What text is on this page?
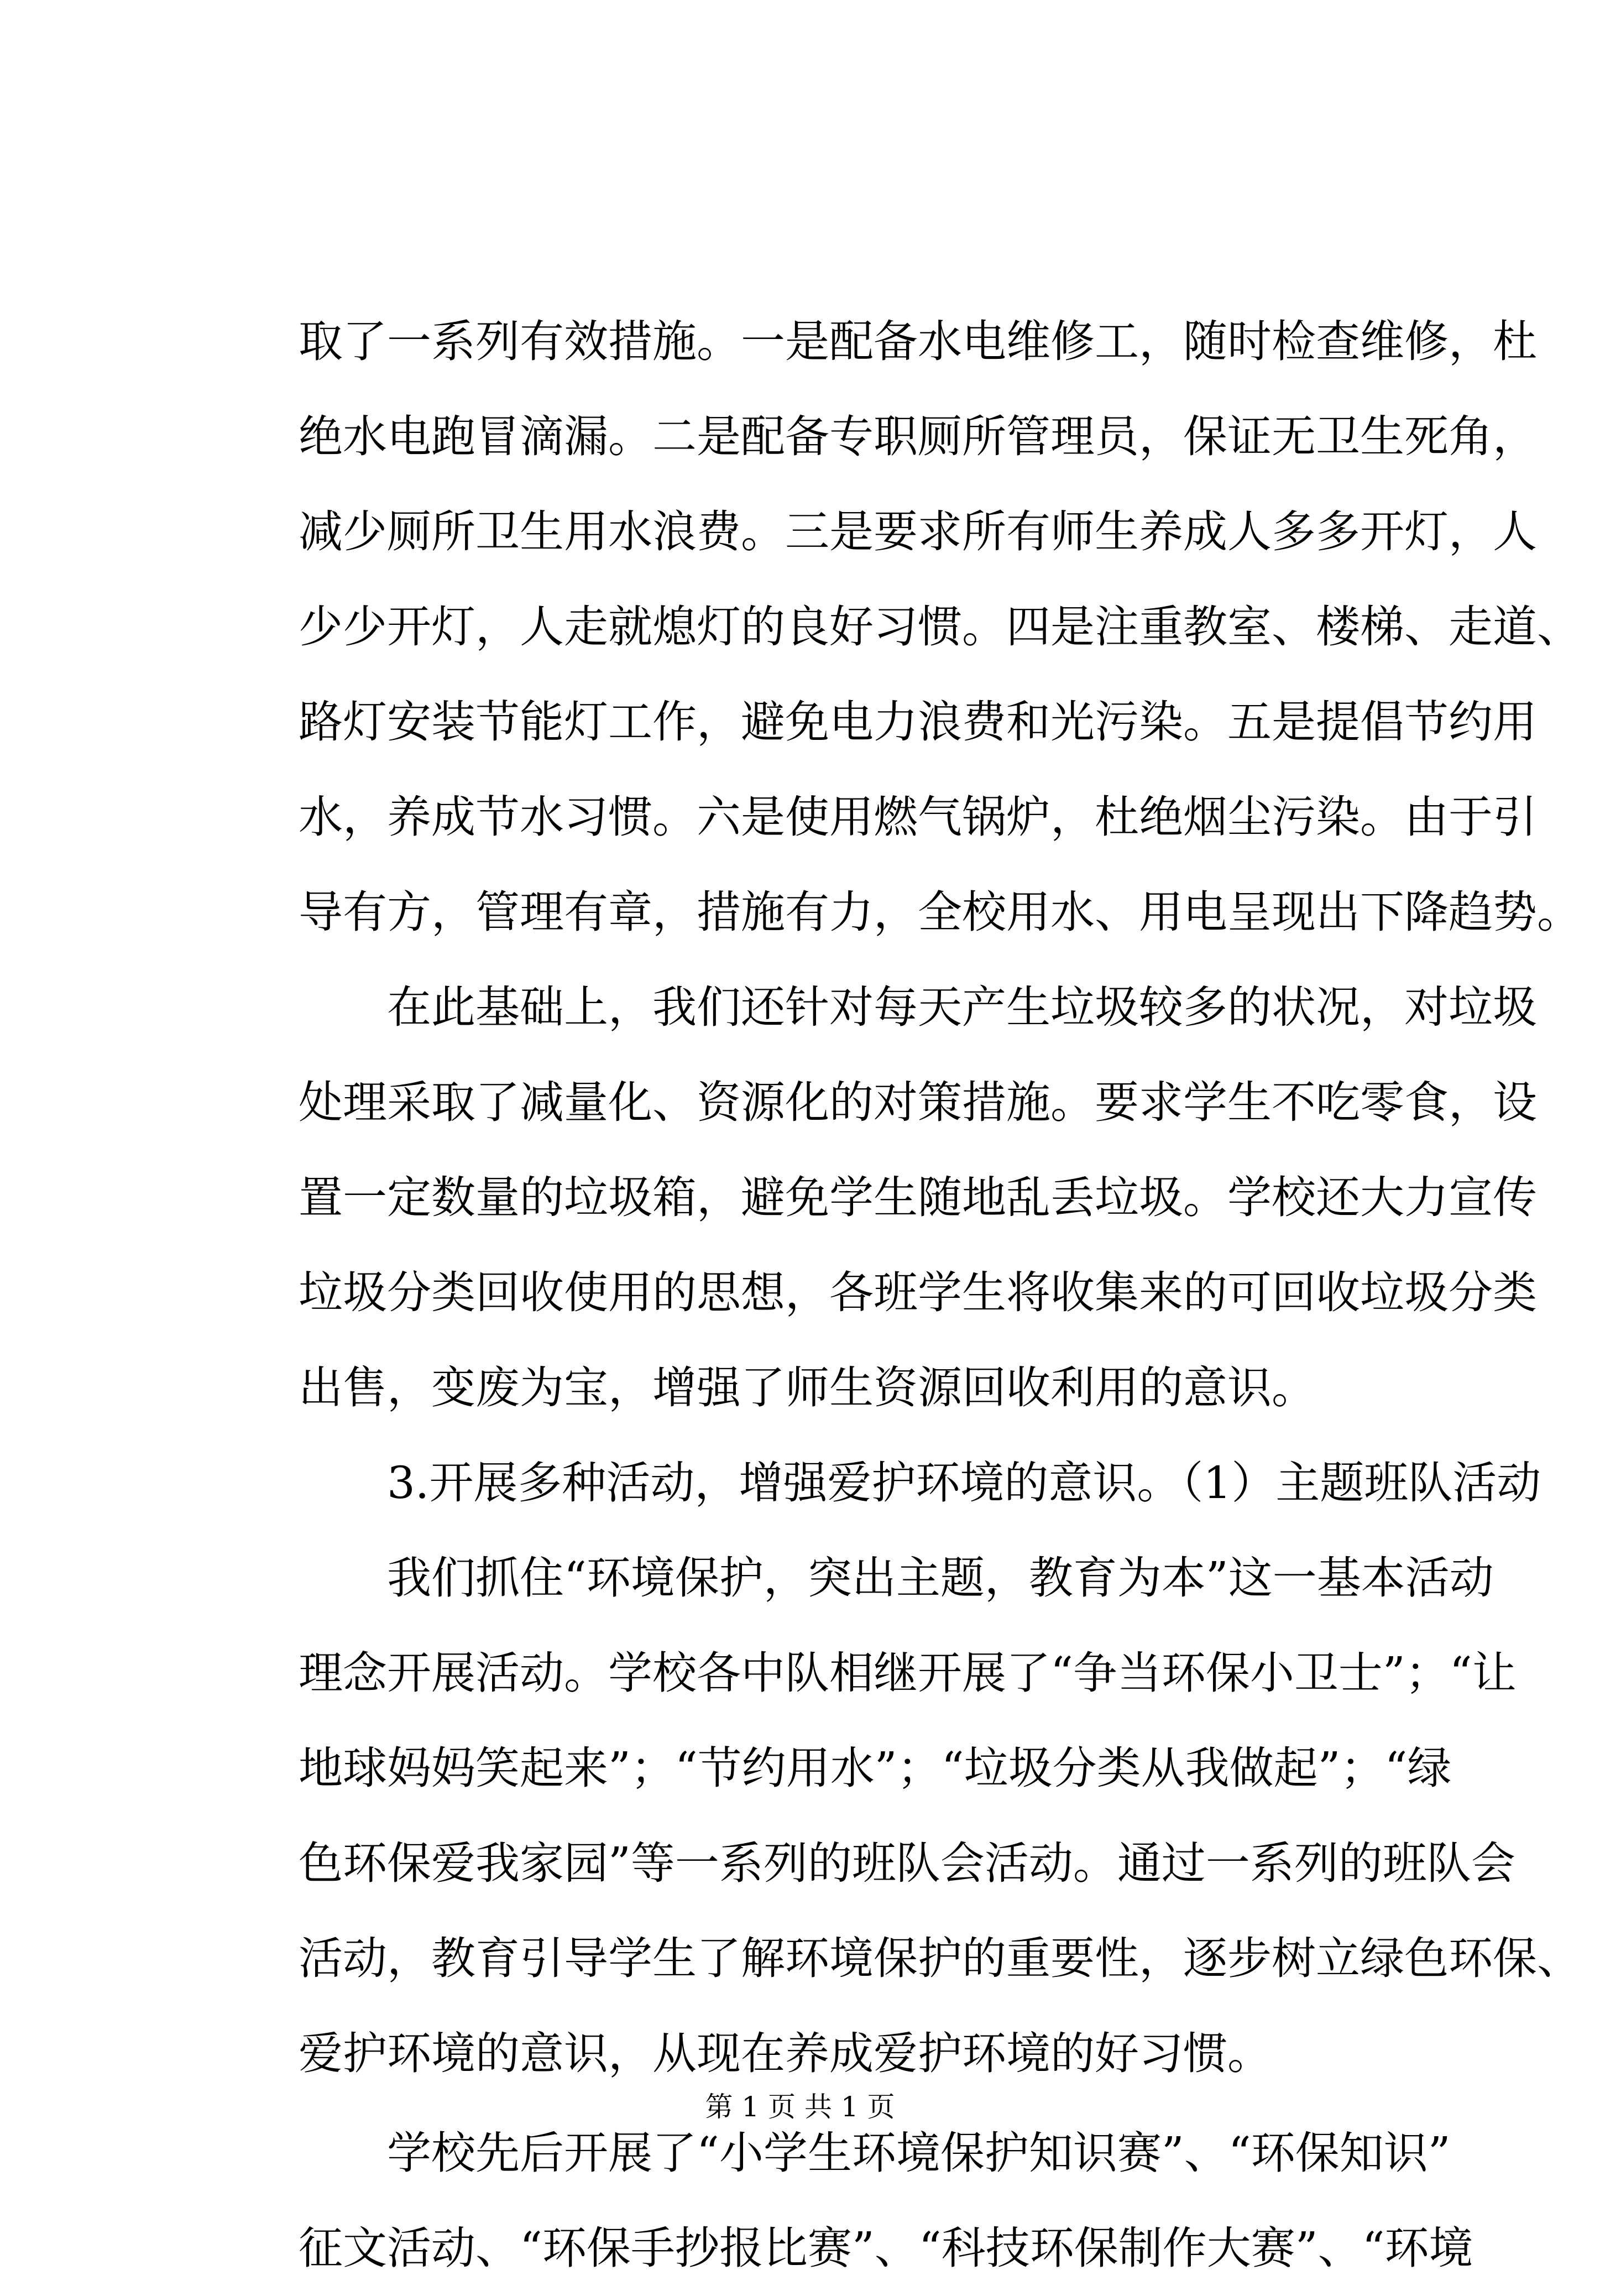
取了一系列有效措施。一是配备水电维修工，随时检查维修，杜
绝水电跑冒滴漏。二是配备专职厕所管理员，保证无卫生死角，
减少厕所卫生用水浪费。三是要求所有师生养成人多多开灯，人
少少开灯，人走就熄灯的良好习惯。四是注重教室、楼梯、走道、
路灯安装节能灯工作，避免电力浪费和光污染。五是提倡节约用
水，养成节水习惯。六是使用燃气锅炉，杜绝烟尘污染。由于引
导有方，管理有章，措施有力，全校用水、用电呈现出下降趋势。
在此基础上，我们还针对每天产生垃圾较多的状况，对垃圾
处理采取了减量化、资源化的对策措施。要求学生不吃零食，设
置一定数量的垃圾箱，避免学生随地乱丢垃圾。学校还大力宣传
垃圾分类回收使用的思想，各班学生将收集来的可回收垃圾分类
出售，变废为宝，增强了师生资源回收利用的意识。
3.开展多种活动，增强爱护环境的意识。（1）主题班队活动
我们抓住“环境保护，突出主题，教育为本”这一基本活动
理念开展活动。学校各中队相继开展了“争当环保小卫士”；“让
地球妈妈笑起来”；“节约用水”；“垃圾分类从我做起”；“绿
色环保爱我家园”等一系列的班队会活动。通过一系列的班队会
活动，教育引导学生了解环境保护的重要性，逐步树立绿色环保、
爱护环境的意识，从现在养成爱护环境的好习惯。
学校先后开展了“小学生环境保护知识赛”、“环保知识”
征文活动、“环保手抄报比赛”、“科技环保制作大赛”、“环境
第 1 页 共 1 页
